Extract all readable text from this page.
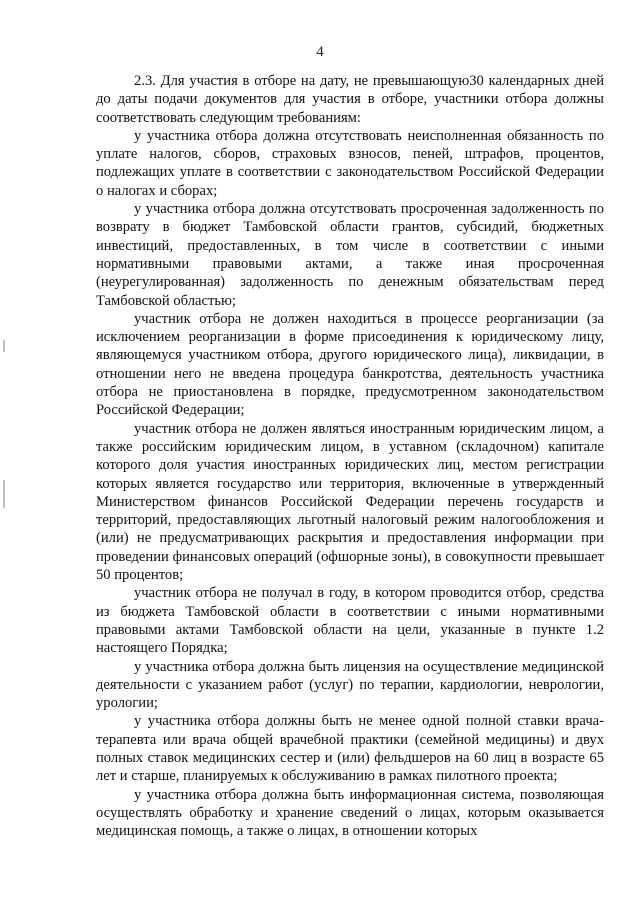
4

2.3. Для участия в отборе на дату, не превышающую30 календарных дней до даты подачи документов для участия в отборе, участники отбора должны соответствовать следующим требованиям:

у участника отбора должна отсутствовать неисполненная обязанность по уплате налогов, сборов, страховых взносов, пеней, штрафов, процентов, подлежащих уплате в соответствии с законодательством Российской Федерации о налогах и сборах;

у участника отбора должна отсутствовать просроченная задолженность по возврату в бюджет Тамбовской области грантов, субсидий, бюджетных инвестиций, предоставленных, в том числе в соответствии с иными нормативными правовыми актами, а также иная просроченная (неурегулированная) задолженность по денежным обязательствам перед Тамбовской областью;

участник отбора не должен находиться в процессе реорганизации (за исключением реорганизации в форме присоединения к юридическому лицу, являющемуся участником отбора, другого юридического лица), ликвидации, в отношении него не введена процедура банкротства, деятельность участника отбора не приостановлена в порядке, предусмотренном законодательством Российской Федерации;

участник отбора не должен являться иностранным юридическим лицом, а также российским юридическим лицом, в уставном (складочном) капитале которого доля участия иностранных юридических лиц, местом регистрации которых является государство или территория, включенные в утвержденный Министерством финансов Российской Федерации перечень государств и территорий, предоставляющих льготный налоговый режим налогообложения и (или) не предусматривающих раскрытия и предоставления информации при проведении финансовых операций (офшорные зоны), в совокупности превышает 50 процентов;

участник отбора не получал в году, в котором проводится отбор, средства из бюджета Тамбовской области в соответствии с иными нормативными правовыми актами Тамбовской области на цели, указанные в пункте 1.2 настоящего Порядка;

у участника отбора должна быть лицензия на осуществление медицинской деятельности с указанием работ (услуг) по терапии, кардиологии, неврологии, урологии;

у участника отбора должны быть не менее одной полной ставки врача-терапевта или врача общей врачебной практики (семейной медицины) и двух полных ставок медицинских сестер и (или) фельдшеров на 60 лиц в возрасте 65 лет и старше, планируемых к обслуживанию в рамках пилотного проекта;

у участника отбора должна быть информационная система, позволяющая осуществлять обработку и хранение сведений о лицах, которым оказывается медицинская помощь, а также о лицах, в отношении которых
